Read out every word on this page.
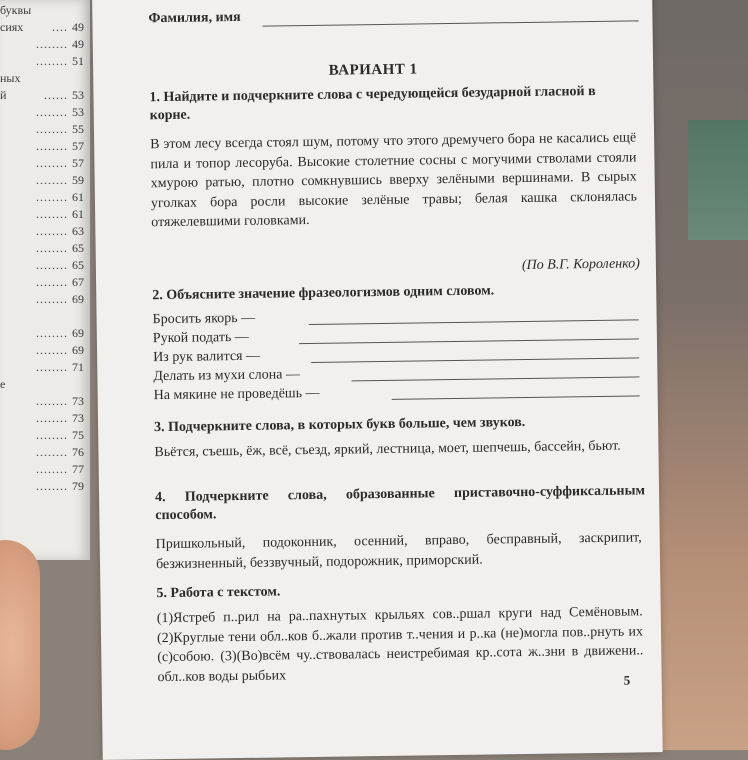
буквы
сиях .... 49
........ 49
........ 51
ных
й	...... 53
........ 53
........ 55
........ 57
........ 57
........ 59
........ 61
........ 61
........ 63
........ 65
........ 65
........ 67
........ 69
........ 69
........ 69
........ 71
е
........ 73
........ 73
........ 75
........ 76
........ 77
........ 79
Фамилия, имя
ВАРИАНТ 1
1. Найдите и подчеркните слова с чередующейся безударной гласной в корне.
В этом лесу всегда стоял шум, потому что этого дремучего бора не касались ещё пила и топор лесоруба. Высокие столетние сосны с могучими стволами стояли хмурою ратью, плотно сомкнувшись вверху зелёными вершинами. В сырых уголках бора росли высокие зелёные травы; белая кашка склонялась отяжелевшими головками.
(По В.Г. Короленко)
2. Объясните значение фразеологизмов одним словом.
Бросить якорь —
Рукой подать —
Из рук валится —
Делать из мухи слона —
На мякине не проведёшь —
3. Подчеркните слова, в которых букв больше, чем звуков.
Вьётся, съешь, ёж, всё, съезд, яркий, лестница, моет, шепчешь, бассейн, бьют.
4. Подчеркните слова, образованные приставочно-суффиксальным способом.
Пришкольный, подоконник, осенний, вправо, бесправный, заскрипит, безжизненный, беззвучный, подорожник, приморский.
5. Работа с текстом.
(1)Ястреб п..рил на ра..пахнутых крыльях сов..ршал круги над Семёновым. (2)Круглые тени обл..ков б..жали против т..чения и р..ка (не)могла пов..рнуть их (с)собою. (3)(Во)всём чу..ствовалась неистребимая кр..сота ж..зни в движени.. обл..ков воды рыбьих	5
